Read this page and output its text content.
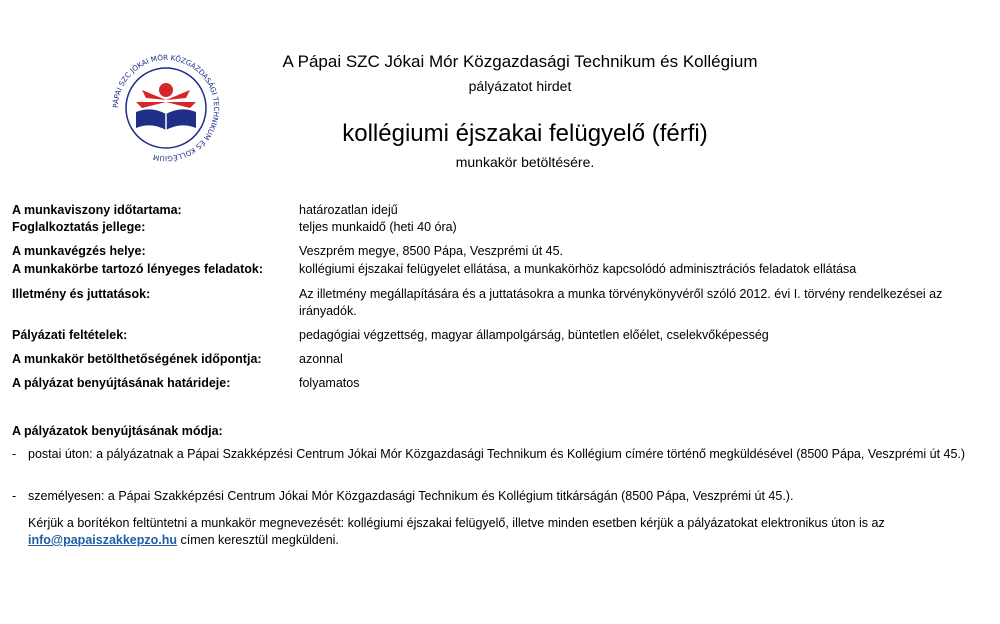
PÁPAI SZC JÓKAI MÓR KÖZGAZDASÁGI TECHNIKUM ÉS KOLLÉGIUM
A Pápai SZC Jókai Mór Közgazdasági Technikum és Kollégium
pályázatot hirdet
kollégiumi éjszakai felügyelő (férfi)
munkakör betöltésére.
A munkaviszony időtartama:	határozatlan idejű
Foglalkoztatás jellege:	teljes munkaidő (heti 40 óra)
A munkavégzés helye:	Veszprém megye, 8500 Pápa, Veszprémi út 45.
A munkakörbe tartozó lényeges feladatok:	kollégiumi éjszakai felügyelet ellátása, a munkakörhöz kapcsolódó adminisztrációs feladatok ellátása
Illetmény és juttatások:	Az illetmény megállapítására és a juttatásokra a munka törvénykönyvéről szóló 2012. évi I. törvény rendelkezései az irányadók.
Pályázati feltételek:	pedagógiai végzettség, magyar állampolgárság, büntetlen előélet, cselekvőképesség
A munkakör betölthetőségének időpontja:	azonnal
A pályázat benyújtásának határideje:	folyamatos
A pályázatok benyújtásának módja:
- postai úton: a pályázatnak a Pápai Szakképzési Centrum Jókai Mór Közgazdasági Technikum és Kollégium címére történő megküldésével (8500 Pápa, Veszprémi út 45.)
- személyesen: a Pápai Szakképzési Centrum Jókai Mór Közgazdasági Technikum és Kollégium titkárságán (8500 Pápa, Veszprémi út 45.).
Kérjük a borítékon feltüntetni a munkakör megnevezését: kollégiumi éjszakai felügyelő, illetve minden esetben kérjük a pályázatokat elektronikus úton is az info@papaiszakkepzo.hu címen keresztül megküldeni.
